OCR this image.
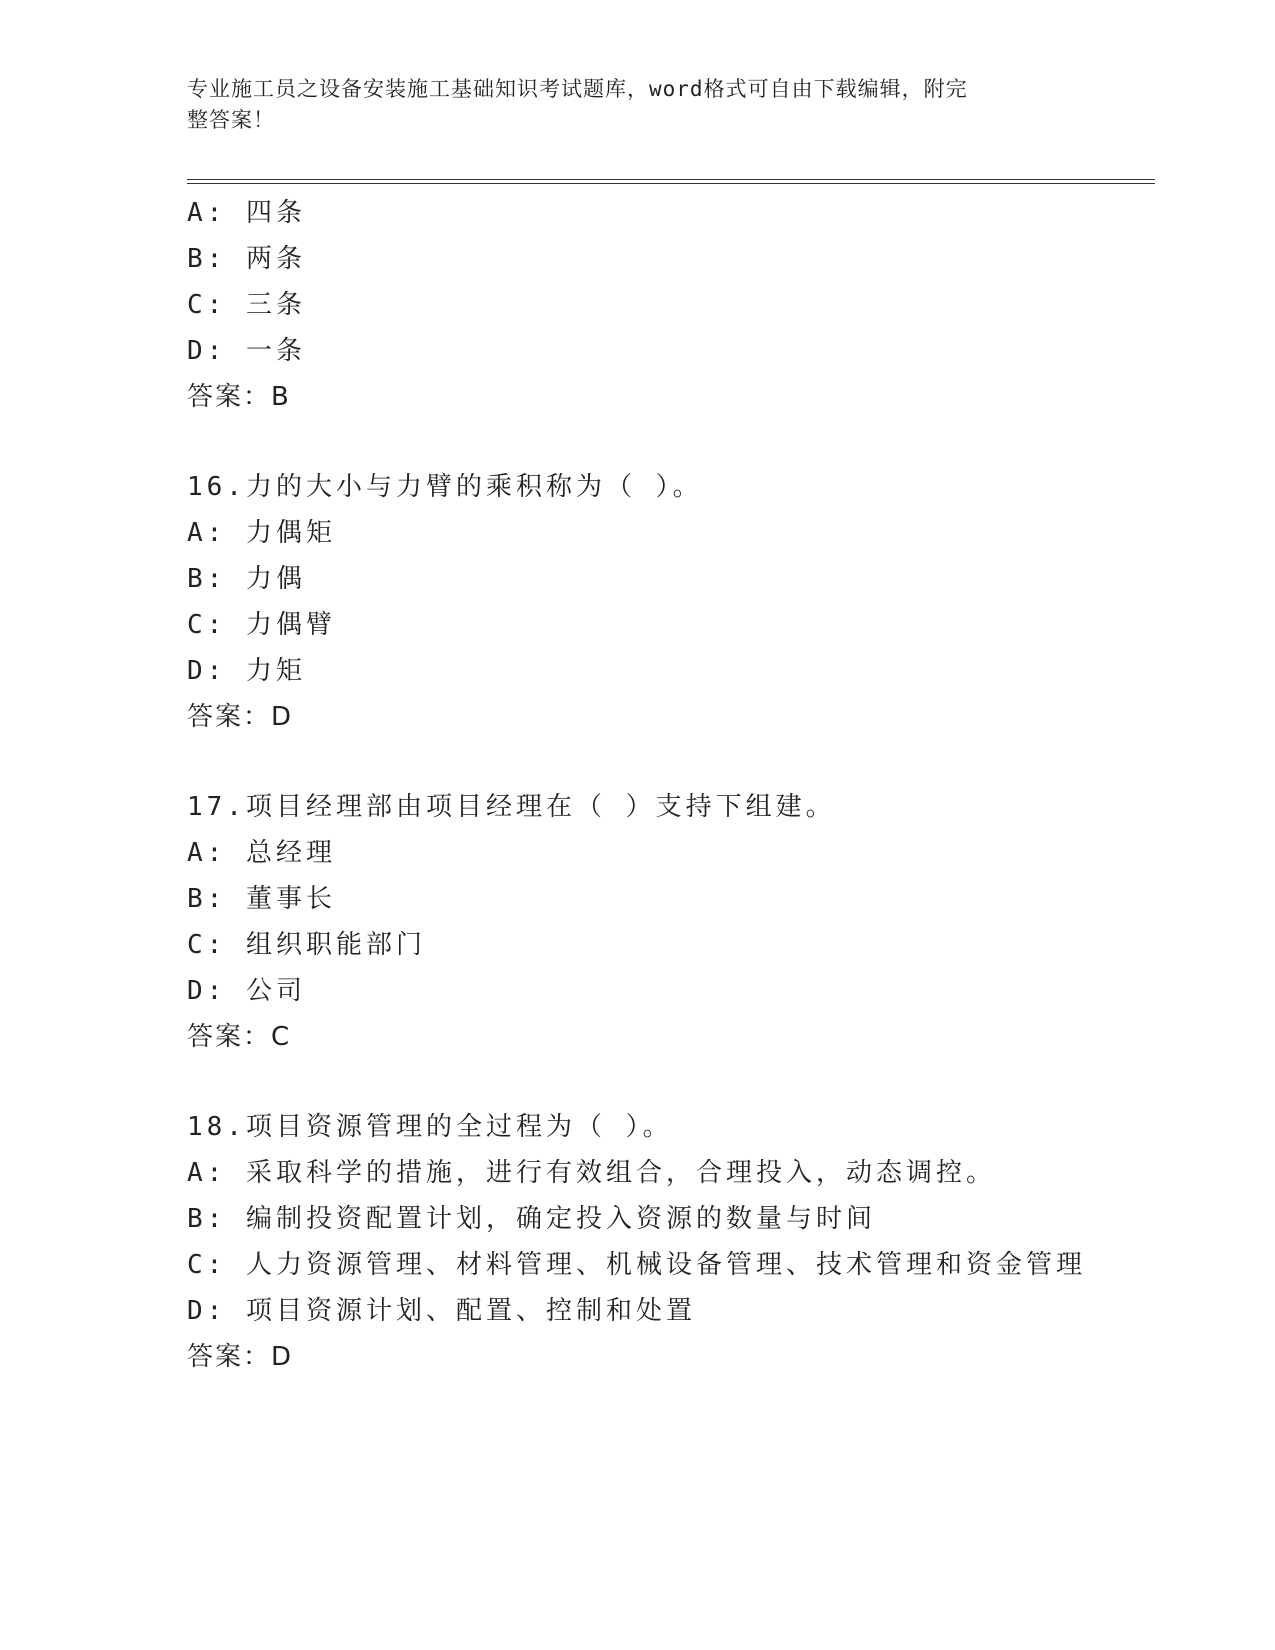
专业施工员之设备安装施工基础知识考试题库，word格式可自由下载编辑，附完
整答案！
A: 四条
B: 两条
C: 三条
D: 一条
答案：B
16.力的大小与力臂的乘积称为（ ）。
A: 力偶矩
B: 力偶
C: 力偶臂
D: 力矩
答案：D
17.项目经理部由项目经理在（ ）支持下组建。
A: 总经理
B: 董事长
C: 组织职能部门
D: 公司
答案：C
18.项目资源管理的全过程为（ ）。
A: 采取科学的措施，进行有效组合，合理投入，动态调控。
B: 编制投资配置计划，确定投入资源的数量与时间
C: 人力资源管理、材料管理、机械设备管理、技术管理和资金管理
D: 项目资源计划、配置、控制和处置
答案：D
